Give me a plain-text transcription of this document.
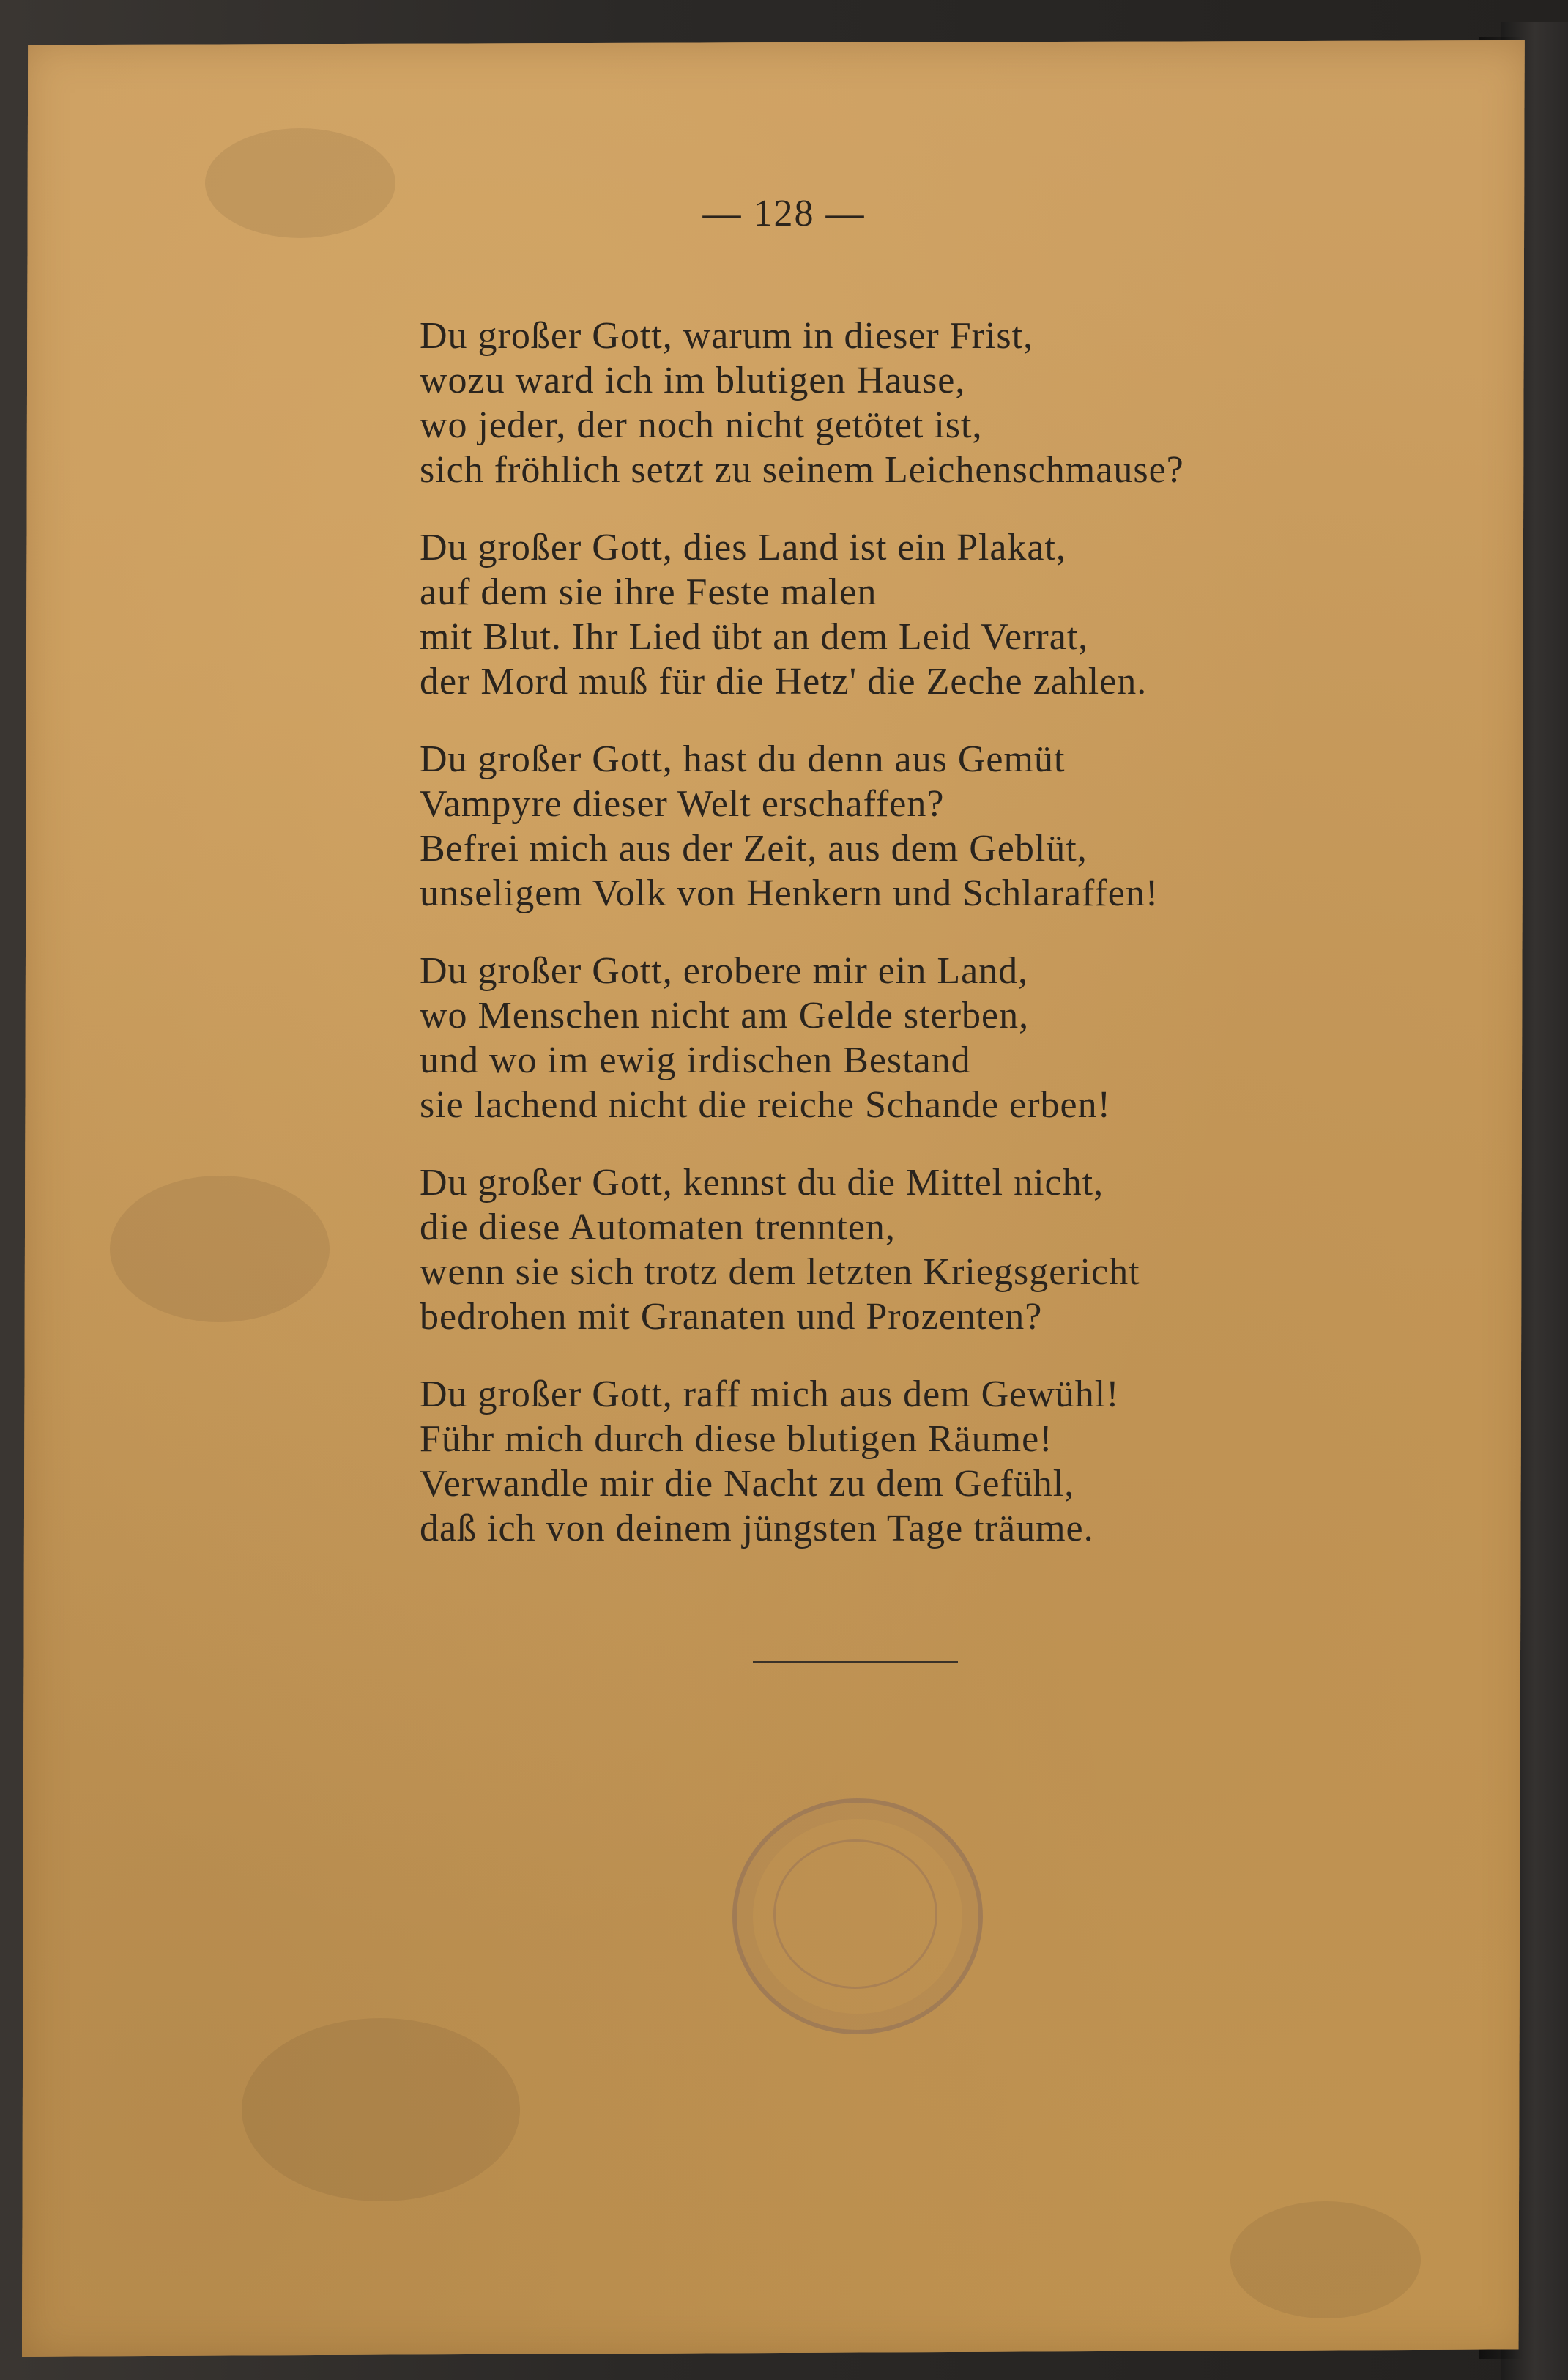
— 128 —
Du großer Gott, warum in dieser Frist,
wozu ward ich im blutigen Hause,
wo jeder, der noch nicht getötet ist,
sich fröhlich setzt zu seinem Leichenschmause?
Du großer Gott, dies Land ist ein Plakat,
auf dem sie ihre Feste malen
mit Blut. Ihr Lied übt an dem Leid Verrat,
der Mord muß für die Hetz' die Zeche zahlen.
Du großer Gott, hast du denn aus Gemüt
Vampyre dieser Welt erschaffen?
Befrei mich aus der Zeit, aus dem Geblüt,
unseligem Volk von Henkern und Schlaraffen!
Du großer Gott, erobere mir ein Land,
wo Menschen nicht am Gelde sterben,
und wo im ewig irdischen Bestand
sie lachend nicht die reiche Schande erben!
Du großer Gott, kennst du die Mittel nicht,
die diese Automaten trennten,
wenn sie sich trotz dem letzten Kriegsgericht
bedrohen mit Granaten und Prozenten?
Du großer Gott, raff mich aus dem Gewühl!
Führ mich durch diese blutigen Räume!
Verwandle mir die Nacht zu dem Gefühl,
daß ich von deinem jüngsten Tage träume.
